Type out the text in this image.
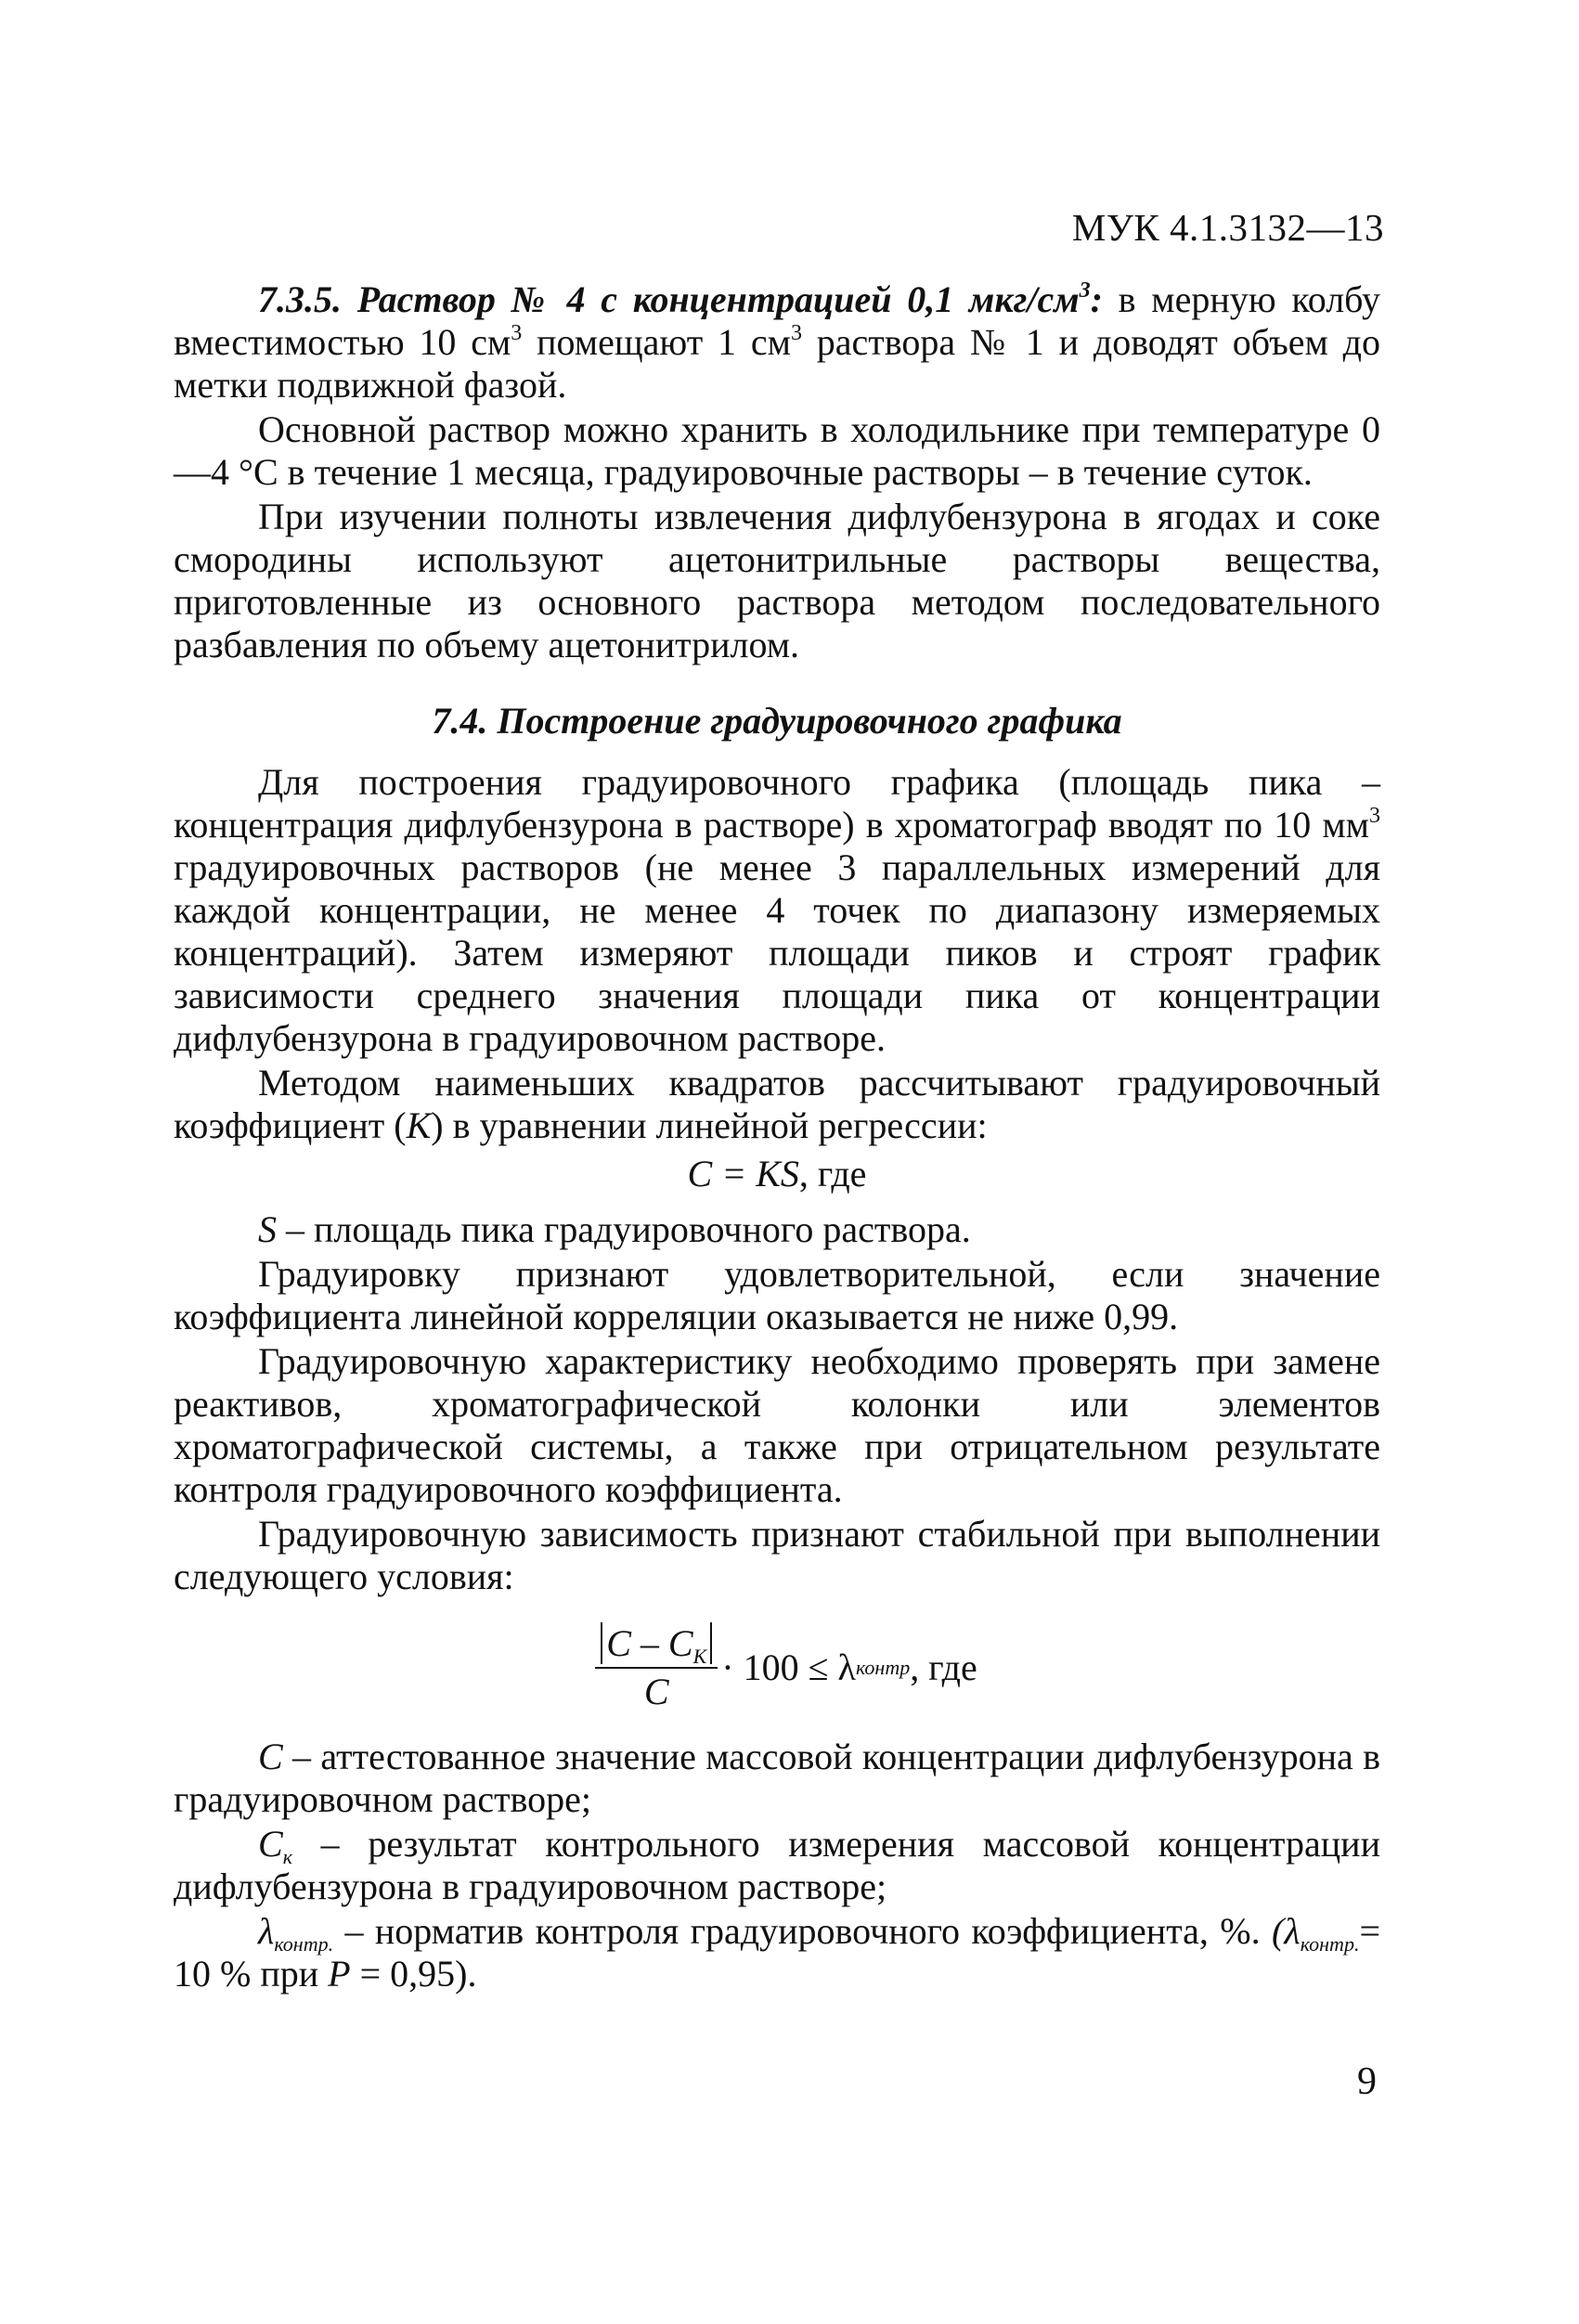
МУК 4.1.3132—13

7.3.5. Раствор № 4 с концентрацией 0,1 мкг/$см^3$: в мерную колбу вместимостью 10 $см^3$ помещают 1 $см^3$ раствора № 1 и доводят объем до метки подвижной фазой.

Основной раствор можно хранить в холодильнике при температуре 0—4 °С в течение 1 месяца, градуировочные растворы – в течение суток.

При изучении полноты извлечения дифлубензурона в ягодах и соке смородины используют ацетонитрильные растворы вещества, приготовленные из основного раствора методом последовательного разбавления по объему ацетонитрилом.

7.4. Построение градуировочного графика

Для построения градуировочного графика (площадь пика – концентрация дифлубензурона в растворе) в хроматограф вводят по 10 $мм^3$ градуировочных растворов (не менее 3 параллельных измерений для каждой концентрации, не менее 4 точек по диапазону измеряемых концентраций). Затем измеряют площади пиков и строят график зависимости среднего значения площади пика от концентрации дифлубензурона в градуировочном растворе.

Методом наименьших квадратов рассчитывают градуировочный коэффициент (K) в уравнении линейной регрессии:

C = KS, где

S – площадь пика градуировочного раствора.

Градуировку признают удовлетворительной, если значение коэффициента линейной корреляции оказывается не ниже 0,99.

Градуировочную характеристику необходимо проверять при замене реактивов, хроматографической колонки или элементов хроматографической системы, а также при отрицательном результате контроля градуировочного коэффициента.

Градуировочную зависимость признают стабильной при выполнении следующего условия:

$\frac{C - C_K}{C} \cdot 100 \le \lambda$ контр , где

C – аттестованное значение массовой концентрации дифлубензурона в градуировочном растворе;

$C_к$ – результат контрольного измерения массовой концентрации дифлубензурона в градуировочном растворе;

$\lambda_{контр.}$ – норматив контроля градуировочного коэффициента, %. ($\lambda_{контр.}= 10$ % при P = 0,95).

9
